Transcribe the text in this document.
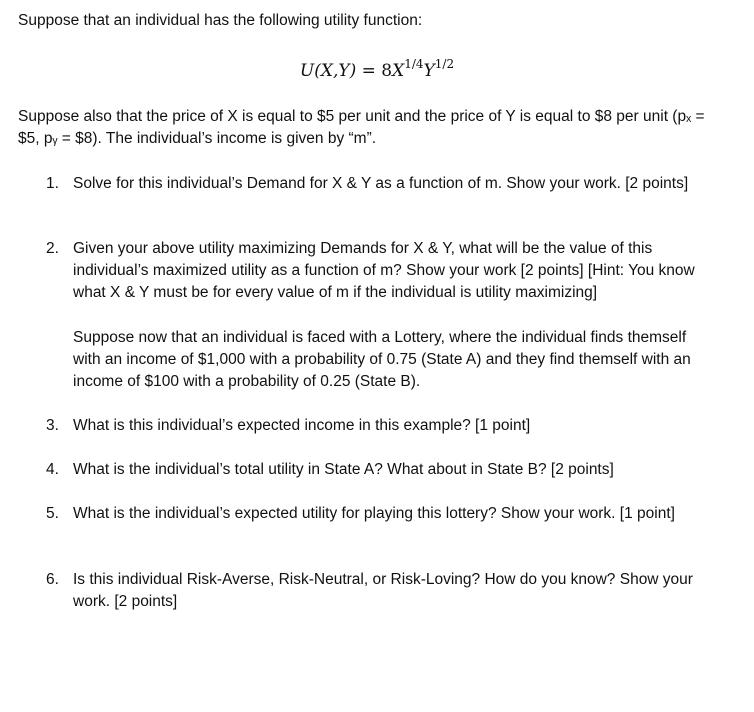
Suppose that an individual has the following utility function:

$U(X,Y) = 8X^{1/4}Y^{1/2}$

Suppose also that the price of X is equal to $5 per unit and the price of Y is equal to $8 per unit (pₓ = $5, pᵧ = $8). The individual’s income is given by “m”.

1. Solve for this individual’s Demand for X & Y as a function of m. Show your work. [2 points]
2. Given your above utility maximizing Demands for X & Y, what will be the value of this individual’s maximized utility as a function of m? Show your work [2 points] [Hint: You know what X & Y must be for every value of m if the individual is utility maximizing]

Suppose now that an individual is faced with a Lottery, where the individual finds themself with an income of $1,000 with a probability of 0.75 (State A) and they find themself with an income of $100 with a probability of 0.25 (State B).

3. What is this individual’s expected income in this example? [1 point]
4. What is the individual’s total utility in State A? What about in State B? [2 points]
5. What is the individual’s expected utility for playing this lottery? Show your work. [1 point]
6. Is this individual Risk-Averse, Risk-Neutral, or Risk-Loving? How do you know? Show your work. [2 points]
